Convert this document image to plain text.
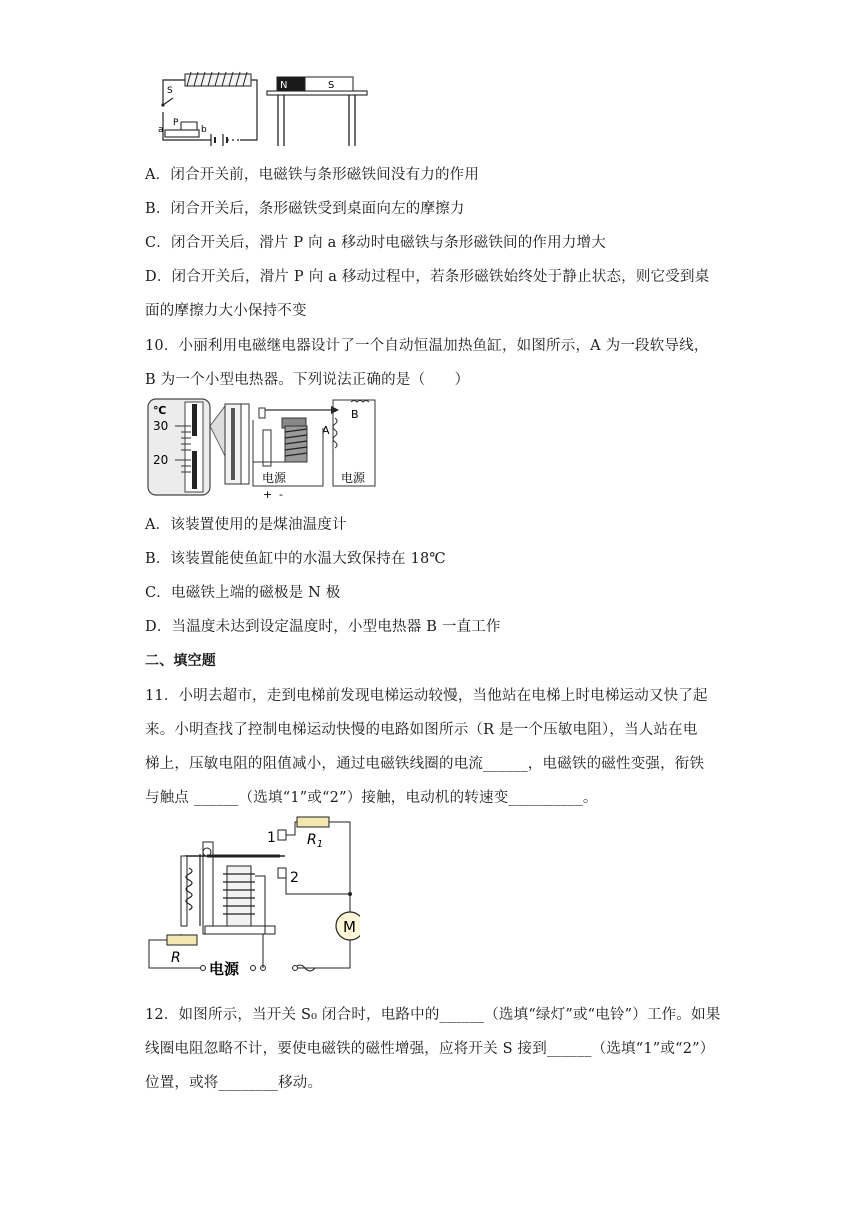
a
P
b
S	N	S
A．闭合开关前，电磁铁与条形磁铁间没有力的作用
B．闭合开关后，条形磁铁受到桌面向左的摩擦力
C．闭合开关后，滑片 P 向 a 移动时电磁铁与条形磁铁间的作用力增大
D．闭合开关后，滑片 P 向 a 移动过程中，若条形磁铁始终处于静止状态，则它受到桌
面的摩擦力大小保持不变
10．小丽利用电磁继电器设计了一个自动恒温加热鱼缸，如图所示，A 为一段软导线，
B 为一个小型电热器。下列说法正确的是（　　）
℃
30
20
A
B
电源
+ -
电源
A．该装置使用的是煤油温度计
B．该装置能使鱼缸中的水温大致保持在 18℃
C．电磁铁上端的磁极是 N 极
D．当温度未达到设定温度时，小型电热器 B 一直工作
二、填空题
11．小明去超市，走到电梯前发现电梯运动较慢，当他站在电梯上时电梯运动又快了起
来。小明查找了控制电梯运动快慢的电路如图所示（R 是一个压敏电阻），当人站在电
梯上，压敏电阻的阻值减小，通过电磁铁线圈的电流______，电磁铁的磁性变强，衔铁
与触点 ______（选填“1”或“2”）接触，电动机的转速变__________。
1
2
$R_1$
M
R
电源
12．如图所示，当开关 S₀ 闭合时，电路中的______（选填“绿灯”或“电铃”）工作。如果
线圈电阻忽略不计，要使电磁铁的磁性增强，应将开关 S 接到______（选填“1”或“2”）
位置，或将________移动。
